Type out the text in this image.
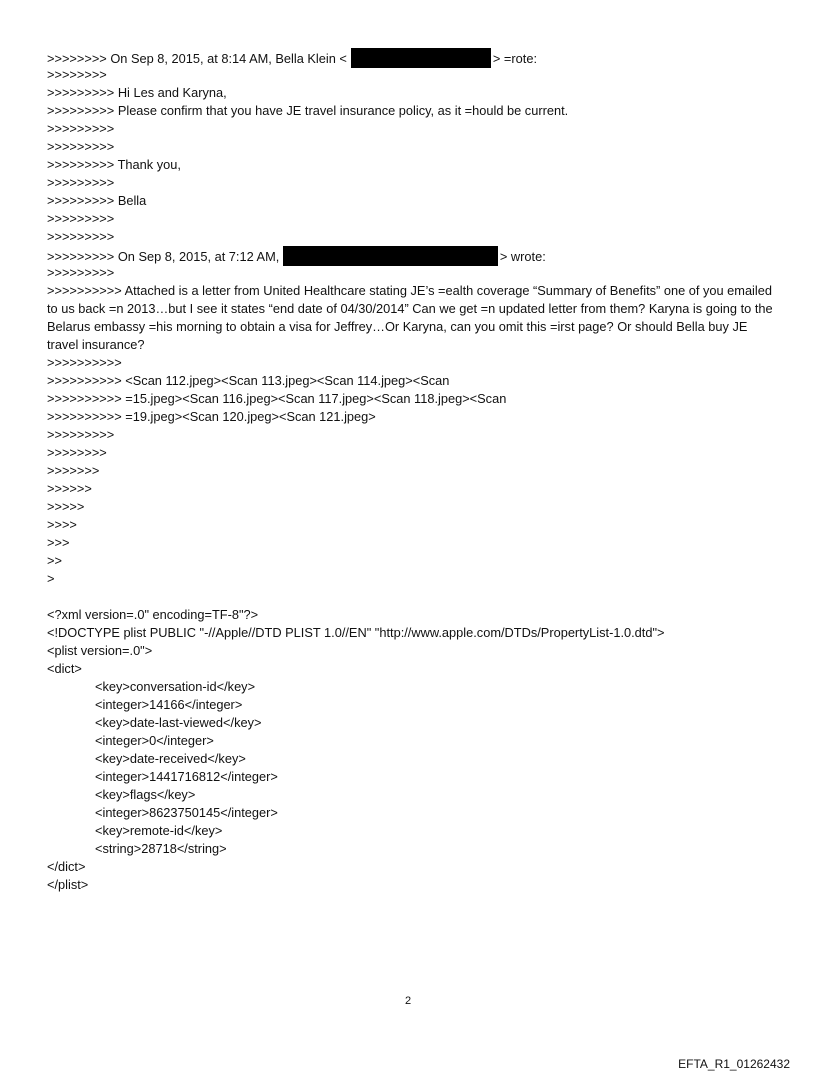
>>>>>>>> On Sep 8, 2015, at 8:14 AM, Bella Klein <	> =rote:
>>>>>>>>
>>>>>>>>> Hi Les and Karyna,
>>>>>>>>> Please confirm that you have JE travel insurance policy, as it =hould be current.
>>>>>>>>>
>>>>>>>>>
>>>>>>>>> Thank you,
>>>>>>>>>
>>>>>>>>> Bella
>>>>>>>>>
>>>>>>>>>
>>>>>>>>> On Sep 8, 2015, at 7:12 AM,	> wrote:
>>>>>>>>>
>>>>>>>>>> Attached is a letter from United Healthcare stating JE’s =ealth coverage “Summary of Benefits” one of you emailed to us back =n 2013…but I see it states “end date of 04/30/2014” Can we get =n updated letter from them? Karyna is going to the Belarus embassy =his morning to obtain a visa for Jeffrey…Or Karyna, can you omit this =irst page? Or should Bella buy JE travel insurance?
>>>>>>>>>>
>>>>>>>>>> <Scan 112.jpeg><Scan 113.jpeg><Scan 114.jpeg><Scan
>>>>>>>>>> =15.jpeg><Scan 116.jpeg><Scan 117.jpeg><Scan 118.jpeg><Scan
>>>>>>>>>> =19.jpeg><Scan 120.jpeg><Scan 121.jpeg>
>>>>>>>>>
>>>>>>>>
>>>>>>>
>>>>>>
>>>>>
>>>>
>>>
>>
>
<?xml version=.0" encoding=TF-8"?>
<!DOCTYPE plist PUBLIC "-//Apple//DTD PLIST 1.0//EN" "http://www.apple.com/DTDs/PropertyList-1.0.dtd">
<plist version=.0">
<dict>
<key>conversation-id</key>
<integer>14166</integer>
<key>date-last-viewed</key>
<integer>0</integer>
<key>date-received</key>
<integer>1441716812</integer>
<key>flags</key>
<integer>8623750145</integer>
<key>remote-id</key>
<string>28718</string>
</dict>
</plist>
2
EFTA_R1_01262432
